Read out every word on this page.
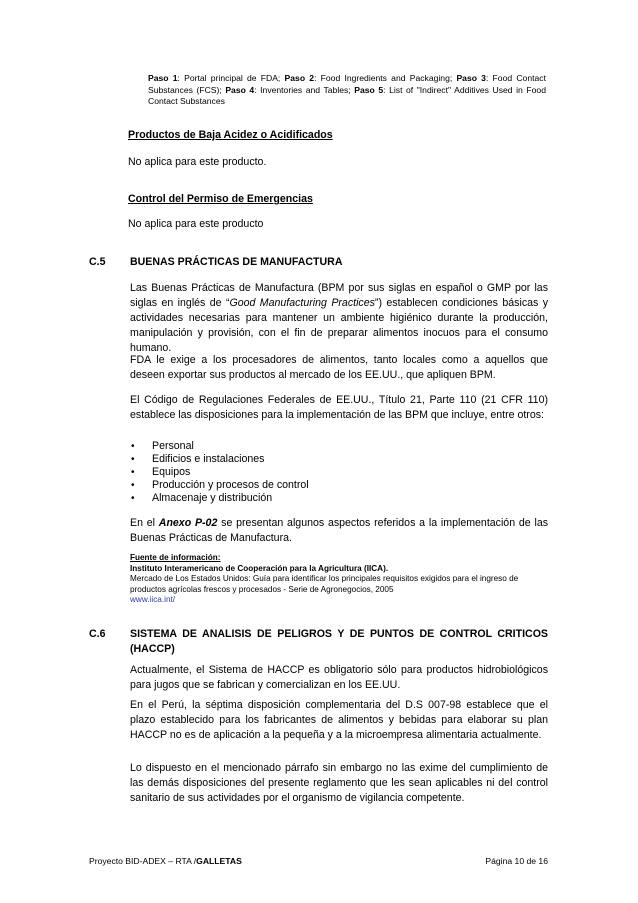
Paso 1: Portal principal de FDA; Paso 2: Food Ingredients and Packaging; Paso 3: Food Contact Substances (FCS); Paso 4: Inventories and Tables; Paso 5: List of "Indirect" Additives Used in Food Contact Substances
Productos de Baja Acidez o Acidificados
No aplica para este producto.
Control del Permiso de Emergencias
No aplica para este producto
C.5 BUENAS PRÁCTICAS DE MANUFACTURA
Las Buenas Prácticas de Manufactura (BPM por sus siglas en español o GMP por las siglas en inglés de “Good Manufacturing Practices”) establecen condiciones básicas y actividades necesarias para mantener un ambiente higiénico durante la producción, manipulación y provisión, con el fin de preparar alimentos inocuos para el consumo humano.
FDA le exige a los procesadores de alimentos, tanto locales como a aquellos que deseen exportar sus productos al mercado de los EE.UU., que apliquen BPM.
El Código de Regulaciones Federales de EE.UU., Título 21, Parte 110 (21 CFR 110) establece las disposiciones para la implementación de las BPM que incluye, entre otros:
• Personal
• Edificios e instalaciones
• Equipos
• Producción y procesos de control
• Almacenaje y distribución
En el Anexo P-02 se presentan algunos aspectos referidos a la implementación de las Buenas Prácticas de Manufactura.
Fuente de información:
Instituto Interamericano de Cooperación para la Agricultura (IICA).
Mercado de Los Estados Unidos: Guía para identificar los principales requisitos exigidos para el ingreso de productos agrícolas frescos y procesados - Serie de Agronegocios, 2005
www.iica.int/
C.6 SISTEMA DE ANALISIS DE PELIGROS Y DE PUNTOS DE CONTROL CRITICOS (HACCP)
Actualmente, el Sistema de HACCP es obligatorio sólo para productos hidrobiológicos para jugos que se fabrican y comercializan en los EE.UU.
En el Perú, la séptima disposición complementaria del D.S 007-98 establece que el plazo establecido para los fabricantes de alimentos y bebidas para elaborar su plan HACCP no es de aplicación a la pequeña y a la microempresa alimentaria actualmente.
Lo dispuesto en el mencionado párrafo sin embargo no las exime del cumplimiento de las demás disposiciones del presente reglamento que les sean aplicables ni del control sanitario de sus actividades por el organismo de vigilancia competente.
Proyecto BID-ADEX – RTA /GALLETAS	Página 10 de 16
